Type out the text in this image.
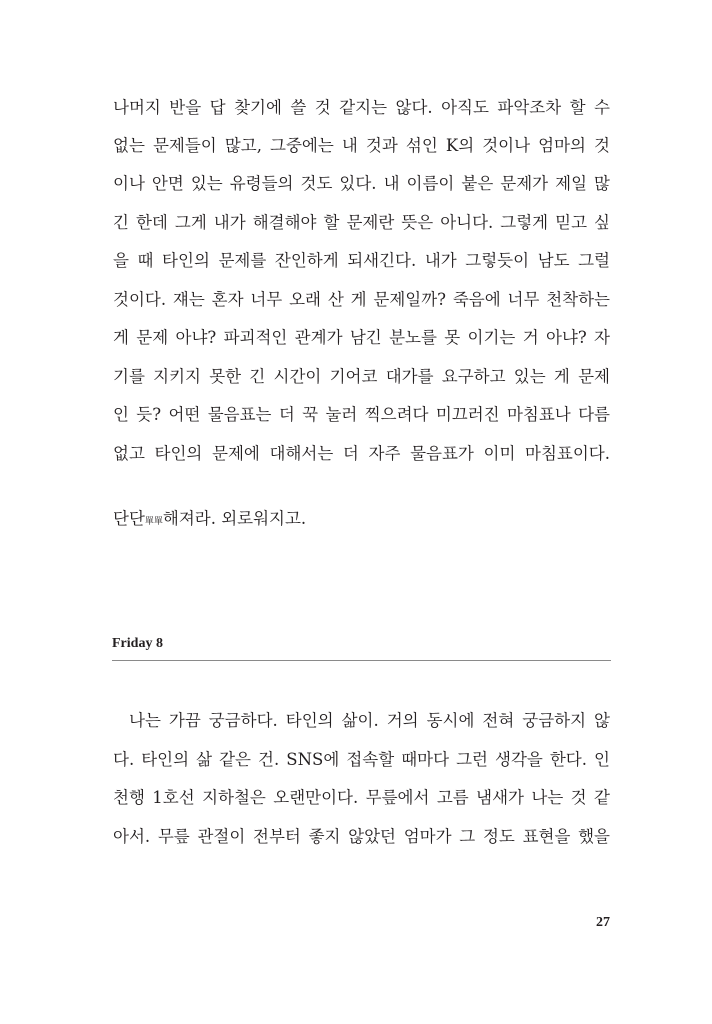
나머지 반을 답 찾기에 쓸 것 같지는 않다. 아직도 파악조차 할 수
없는 문제들이 많고, 그중에는 내 것과 섞인 K의 것이나 엄마의 것
이나 안면 있는 유령들의 것도 있다. 내 이름이 붙은 문제가 제일 많
긴 한데 그게 내가 해결해야 할 문제란 뜻은 아니다. 그렇게 믿고 싶
을 때 타인의 문제를 잔인하게 되새긴다. 내가 그렇듯이 남도 그럴
것이다. 쟤는 혼자 너무 오래 산 게 문제일까? 죽음에 너무 천착하는
게 문제 아냐? 파괴적인 관계가 남긴 분노를 못 이기는 거 아냐? 자
기를 지키지 못한 긴 시간이 기어코 대가를 요구하고 있는 게 문제
인 듯? 어떤 물음표는 더 꾹 눌러 찍으려다 미끄러진 마침표나 다름
없고 타인의 문제에 대해서는 더 자주 물음표가 이미 마침표이다.
단단單單해져라. 외로워지고.
Friday 8
나는 가끔 궁금하다. 타인의 삶이. 거의 동시에 전혀 궁금하지 않
다. 타인의 삶 같은 건. SNS에 접속할 때마다 그런 생각을 한다. 인
천행 1호선 지하철은 오랜만이다. 무릎에서 고름 냄새가 나는 것 같
아서. 무릎 관절이 전부터 좋지 않았던 엄마가 그 정도 표현을 했을
27
